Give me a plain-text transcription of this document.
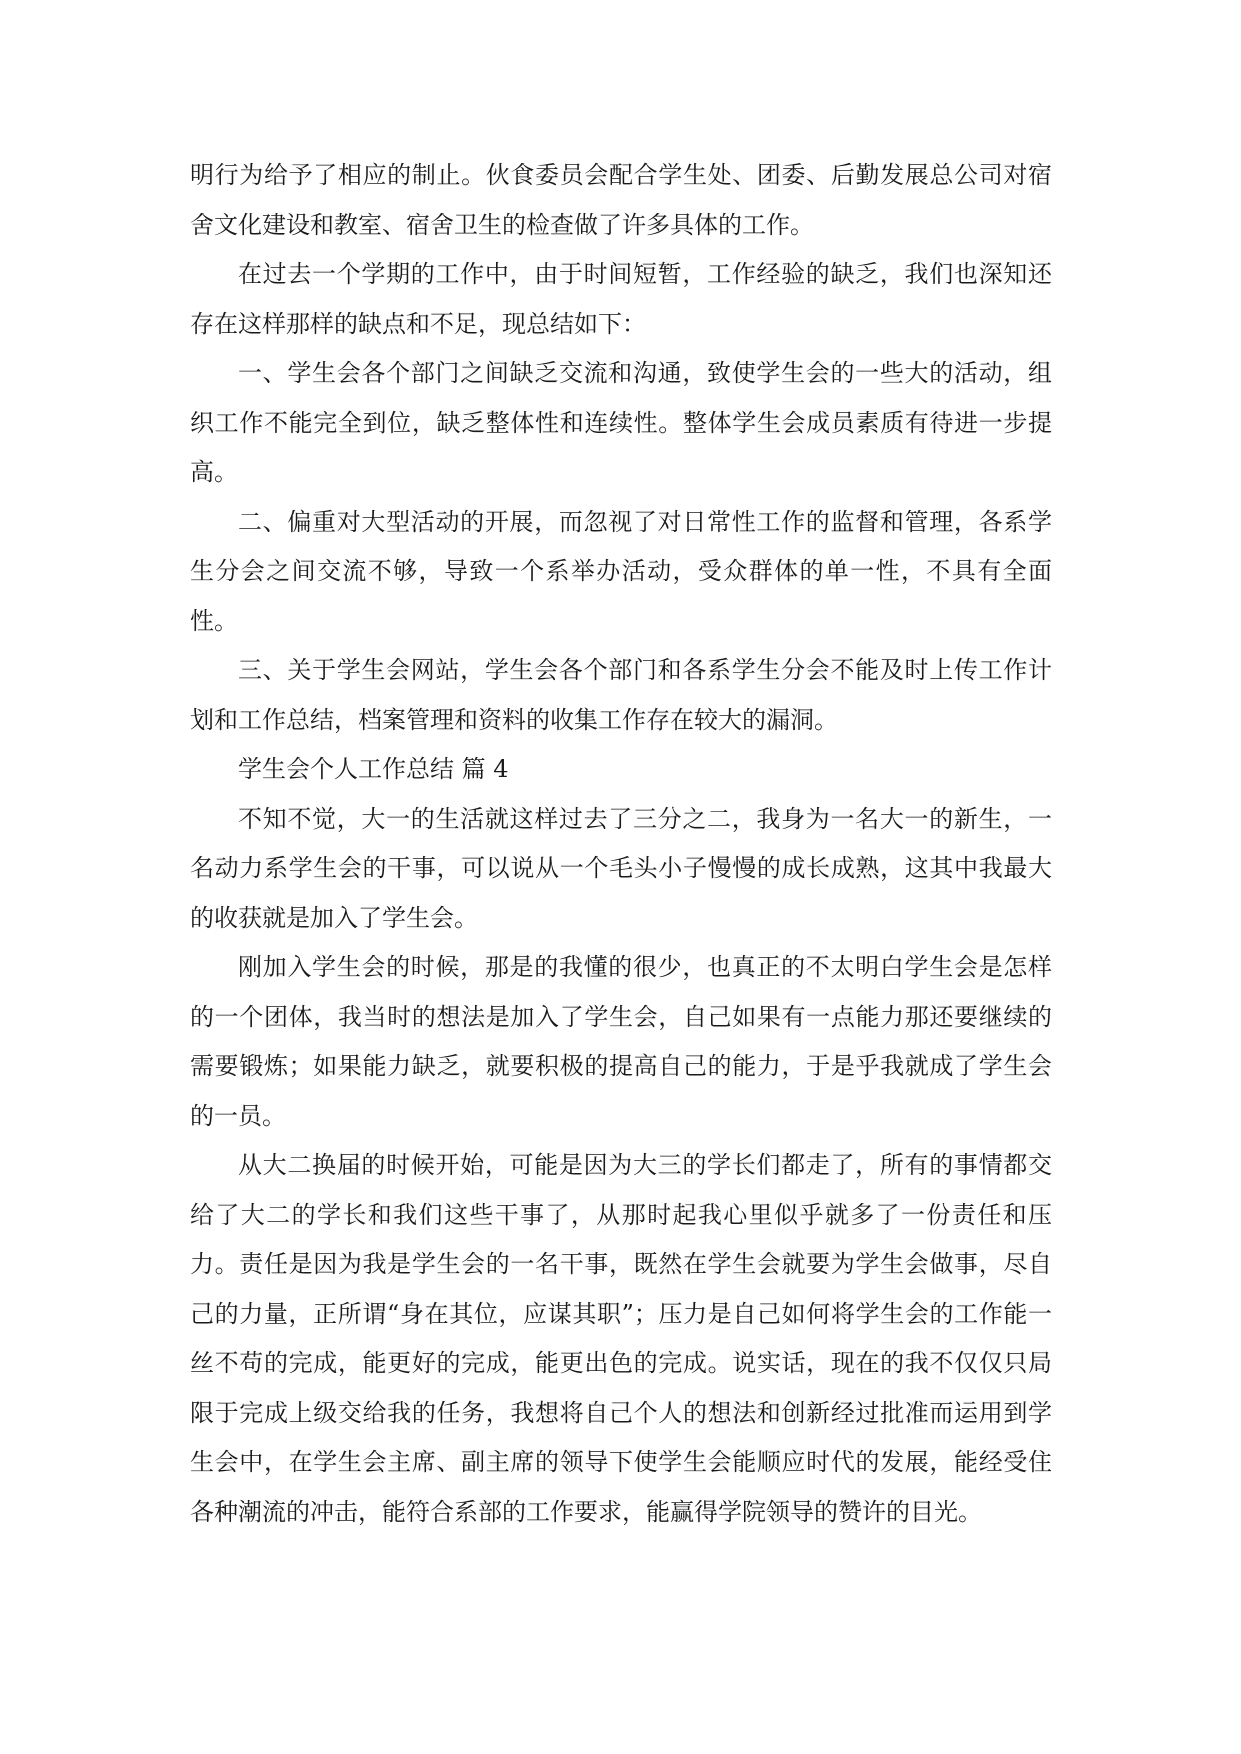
明行为给予了相应的制止。伙食委员会配合学生处、团委、后勤发展总公司对宿舍文化建设和教室、宿舍卫生的检查做了许多具体的工作。

在过去一个学期的工作中，由于时间短暂，工作经验的缺乏，我们也深知还存在这样那样的缺点和不足，现总结如下：

一、学生会各个部门之间缺乏交流和沟通，致使学生会的一些大的活动，组织工作不能完全到位，缺乏整体性和连续性。整体学生会成员素质有待进一步提高。

二、偏重对大型活动的开展，而忽视了对日常性工作的监督和管理，各系学生分会之间交流不够，导致一个系举办活动，受众群体的单一性，不具有全面性。

三、关于学生会网站，学生会各个部门和各系学生分会不能及时上传工作计划和工作总结，档案管理和资料的收集工作存在较大的漏洞。

学生会个人工作总结 篇 4

不知不觉，大一的生活就这样过去了三分之二，我身为一名大一的新生，一名动力系学生会的干事，可以说从一个毛头小子慢慢的成长成熟，这其中我最大的收获就是加入了学生会。

刚加入学生会的时候，那是的我懂的很少，也真正的不太明白学生会是怎样的一个团体，我当时的想法是加入了学生会，自己如果有一点能力那还要继续的需要锻炼；如果能力缺乏，就要积极的提高自己的能力，于是乎我就成了学生会的一员。

从大二换届的时候开始，可能是因为大三的学长们都走了，所有的事情都交给了大二的学长和我们这些干事了，从那时起我心里似乎就多了一份责任和压力。责任是因为我是学生会的一名干事，既然在学生会就要为学生会做事，尽自己的力量，正所谓“身在其位，应谋其职”；压力是自己如何将学生会的工作能一丝不苟的完成，能更好的完成，能更出色的完成。说实话，现在的我不仅仅只局限于完成上级交给我的任务，我想将自己个人的想法和创新经过批准而运用到学生会中，在学生会主席、副主席的领导下使学生会能顺应时代的发展，能经受住各种潮流的冲击，能符合系部的工作要求，能赢得学院领导的赞许的目光。
